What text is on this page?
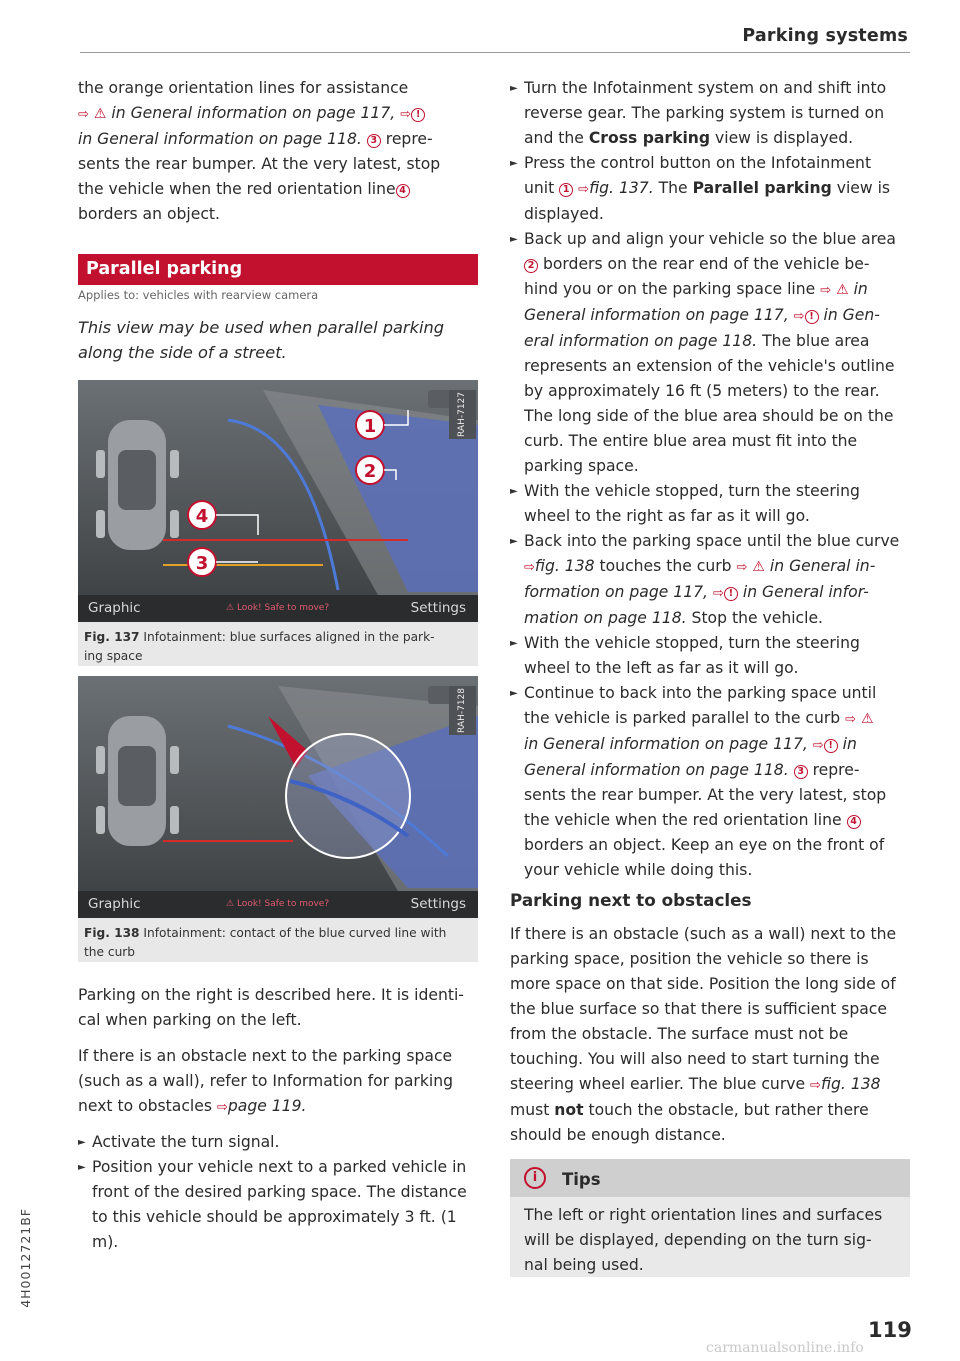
Parking systems
the orange orientation lines for assistance
⇨ ⚠ in General information on page 117, ⇨ !
in General information on page 118. 3 repre-
sents the rear bumper. At the very latest, stop
the vehicle when the red orientation line 4
borders an object.
Parallel parking
Applies to: vehicles with rearview camera
This view may be used when parallel parking
along the side of a street.
1
2
3
4
RAH-7127
Graphic	⚠ Look! Safe to move?	Settings
Fig. 137 Infotainment: blue surfaces aligned in the park-
ing space
RAH-7128
Graphic	⚠ Look! Safe to move?	Settings
Fig. 138 Infotainment: contact of the blue curved line with
the curb
Parking on the right is described here. It is identi-
cal when parking on the left.
If there is an obstacle next to the parking space
(such as a wall), refer to Information for parking
next to obstacles ⇨page 119.
► Activate the turn signal.
► Position your vehicle next to a parked vehicle in
front of the desired parking space. The distance
to this vehicle should be approximately 3 ft. (1
m).
► Turn the Infotainment system on and shift into
reverse gear. The parking system is turned on
and the Cross parking view is displayed.
► Press the control button on the Infotainment
unit 1 ⇨fig. 137. The Parallel parking view is
displayed.
► Back up and align your vehicle so the blue area
2 borders on the rear end of the vehicle be-
hind you or on the parking space line ⇨ ⚠ in
General information on page 117, ⇨ ! in Gen-
eral information on page 118. The blue area
represents an extension of the vehicle's outline
by approximately 16 ft (5 meters) to the rear.
The long side of the blue area should be on the
curb. The entire blue area must fit into the
parking space.
► With the vehicle stopped, turn the steering
wheel to the right as far as it will go.
► Back into the parking space until the blue curve
⇨fig. 138 touches the curb ⇨ ⚠ in General in-
formation on page 117, ⇨ ! in General infor-
mation on page 118. Stop the vehicle.
► With the vehicle stopped, turn the steering
wheel to the left as far as it will go.
► Continue to back into the parking space until
the vehicle is parked parallel to the curb ⇨ ⚠
in General information on page 117, ⇨ ! in
General information on page 118. 3 repre-
sents the rear bumper. At the very latest, stop
the vehicle when the red orientation line 4
borders an object. Keep an eye on the front of
your vehicle while doing this.
Parking next to obstacles
If there is an obstacle (such as a wall) next to the
parking space, position the vehicle so there is
more space on that side. Position the long side of
the blue surface so that there is sufficient space
from the obstacle. The surface must not be
touching. You will also need to start turning the
steering wheel earlier. The blue curve ⇨fig. 138
must not touch the obstacle, but rather there
should be enough distance.
i	Tips
The left or right orientation lines and surfaces
will be displayed, depending on the turn sig-
nal being used.
4H0012721BF
119
carmanualsonline.info
